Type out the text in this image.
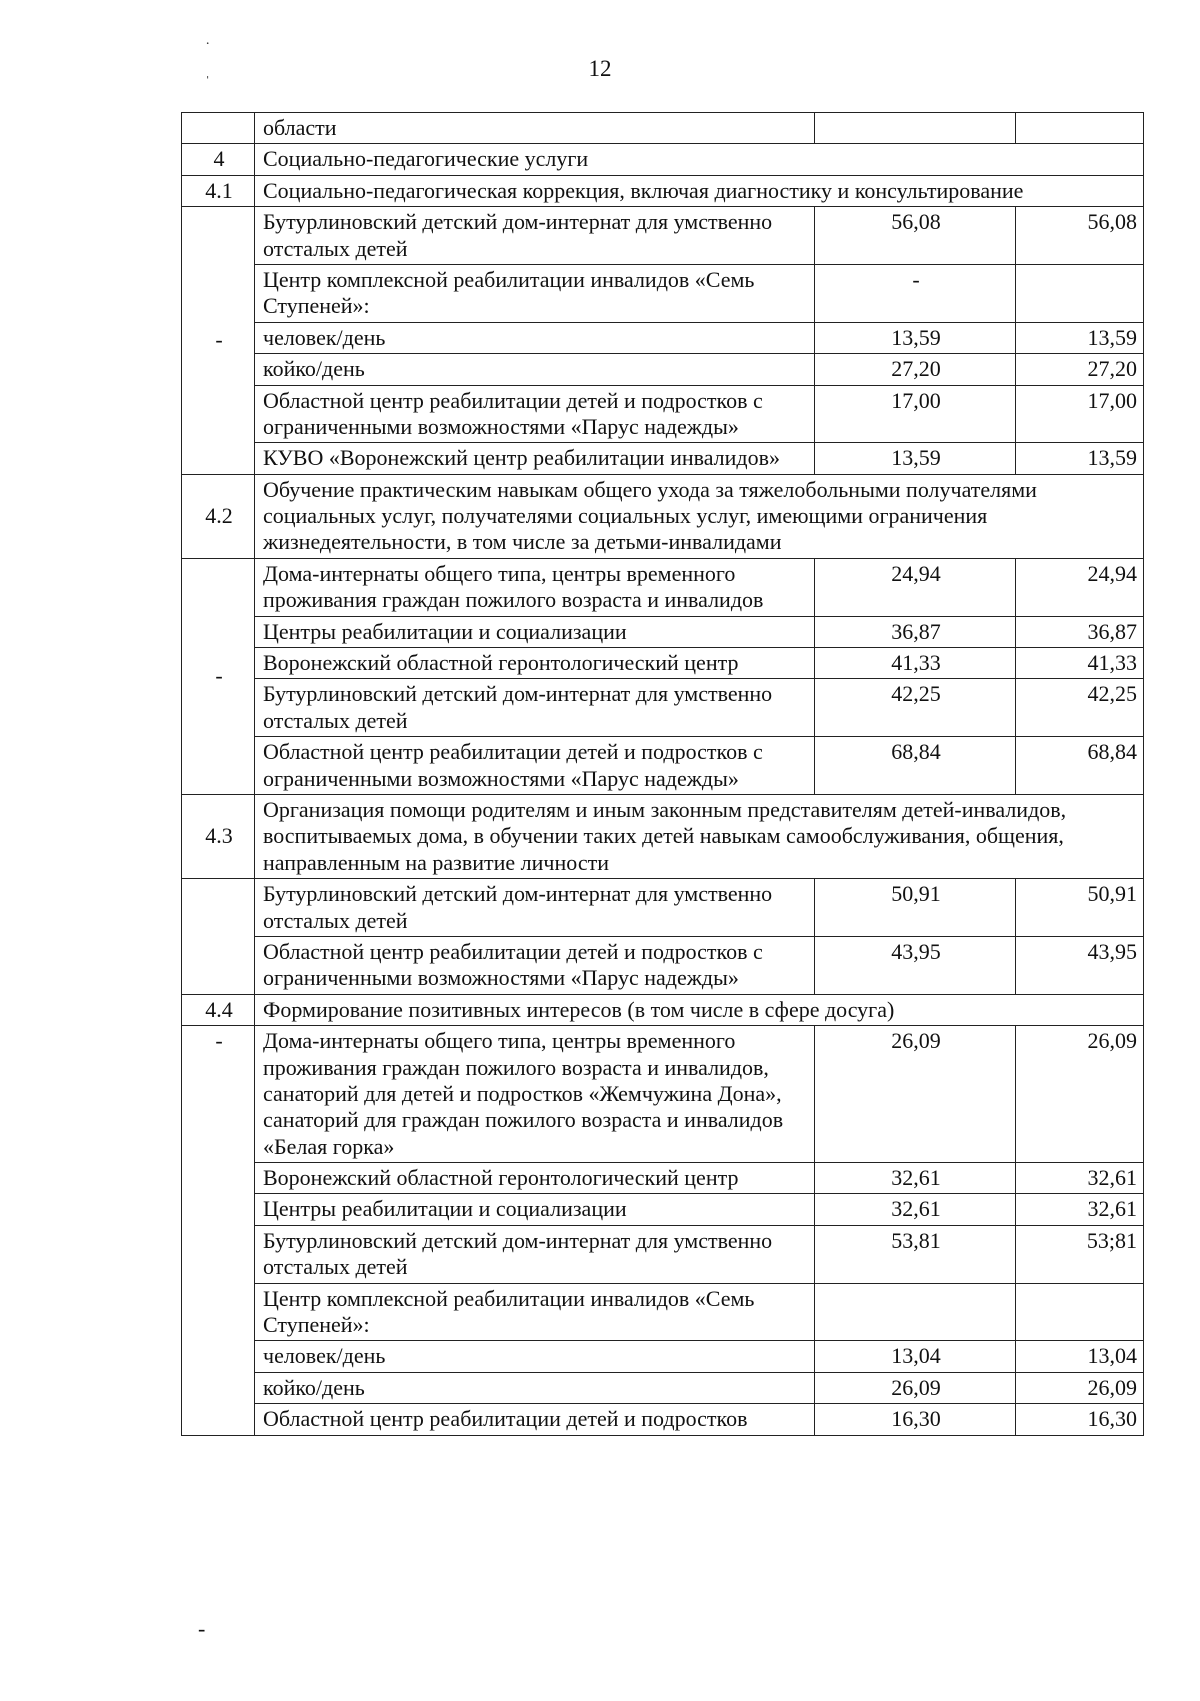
12
˙
ˌ
-
	области		
4	Социально-педагогические услуги		
4.1	Социально-педагогическая коррекция, включая диагностику и консультирование		
-	Бутурлиновский детский дом-интернат для умственно отсталых детей	56,08	56,08
	Центр комплексной реабилитации инвалидов «Семь Ступеней»:	-	
	человек/день	13,59	13,59
	койко/день	27,20	27,20
	Областной центр реабилитации детей и подростков с ограниченными возможностями «Парус надежды»	17,00	17,00
	КУВО «Воронежский центр реабилитации инвалидов»	13,59	13,59
4.2	Обучение практическим навыкам общего ухода за тяжелобольными получателями социальных услуг, получателями социальных услуг, имеющими ограничения жизнедеятельности, в том числе за детьми-инвалидами		
-	Дома-интернаты общего типа, центры временного проживания граждан пожилого возраста и инвалидов	24,94	24,94
	Центры реабилитации и социализации	36,87	36,87
	Воронежский областной геронтологический центр	41,33	41,33
	Бутурлиновский детский дом-интернат для умственно отсталых детей	42,25	42,25
	Областной центр реабилитации детей и подростков с ограниченными возможностями «Парус надежды»	68,84	68,84
4.3	Организация помощи родителям и иным законным представителям детей-инвалидов, воспитываемых дома, в обучении таких детей навыкам самообслуживания, общения, направленным на развитие личности		
	Бутурлиновский детский дом-интернат для умственно отсталых детей	50,91	50,91
	Областной центр реабилитации детей и подростков с ограниченными возможностями «Парус надежды»	43,95	43,95
4.4	Формирование позитивных интересов (в том числе в сфере досуга)		
-	Дома-интернаты общего типа, центры временного проживания граждан пожилого возраста и инвалидов, санаторий для детей и подростков «Жемчужина Дона», санаторий для граждан пожилого возраста и инвалидов «Белая горка»	26,09	26,09
	Воронежский областной геронтологический центр	32,61	32,61
	Центры реабилитации и социализации	32,61	32,61
	Бутурлиновский детский дом-интернат для умственно отсталых детей	53,81	53;81
	Центр комплексной реабилитации инвалидов «Семь Ступеней»:		
	человек/день	13,04	13,04
	койко/день	26,09	26,09
	Областной центр реабилитации детей и подростков	16,30	16,30
